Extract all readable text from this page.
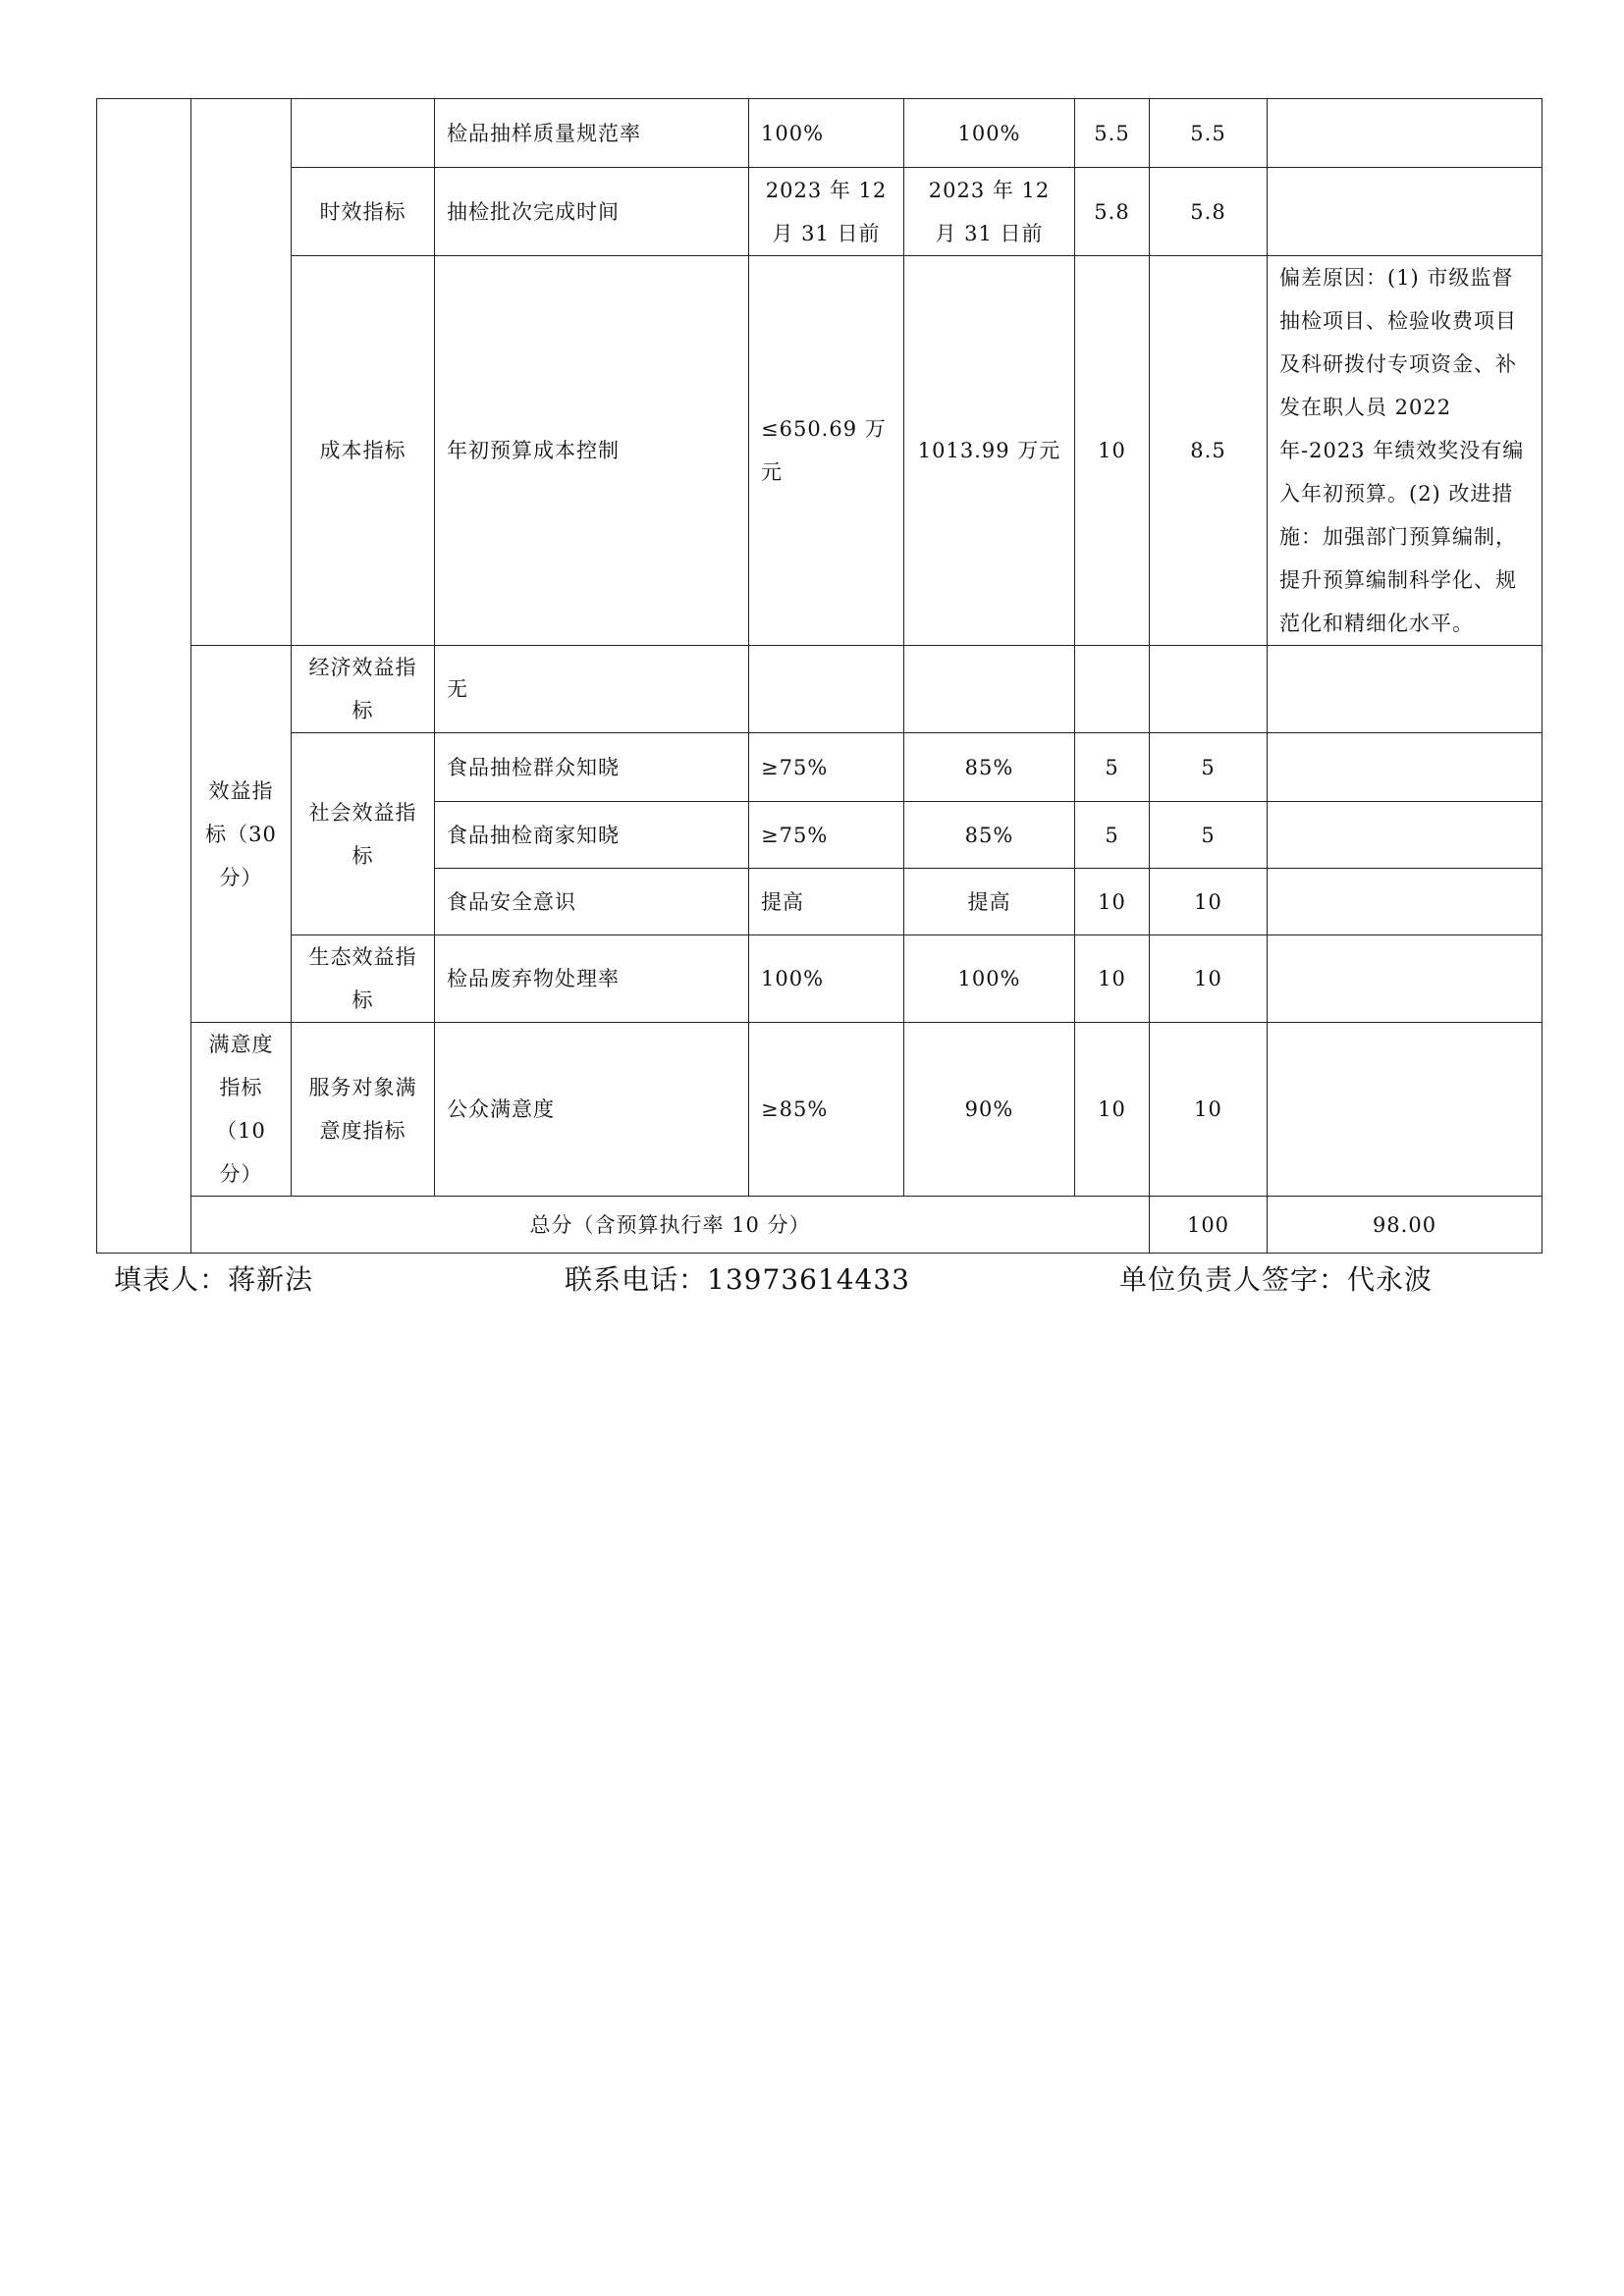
			检品抽样质量规范率	100%	100%	5.5	5.5		
		时效指标	抽检批次完成时间	2023 年 12 月 31 日前	2023 年 12 月 31 日前	5.8	5.8		
		成本指标	年初预算成本控制	≤650.69 万元	1013.99 万元	10	8.5	偏差原因：(1) 市级监督抽检项目、检验收费项目及科研拨付专项资金、补发在职人员 2022 年-2023 年绩效奖没有编入年初预算。(2) 改进措施：加强部门预算编制，提升预算编制科学化、规范化和精细化水平。	
	效益指标（30 分）	经济效益指标	无						
		社会效益指标	食品抽检群众知晓	≥75%	85%	5	5		
			食品抽检商家知晓	≥75%	85%	5	5		
			食品安全意识	提高	提高	10	10		
		生态效益指标	检品废弃物处理率	100%	100%	10	10		
	满意度指标（10 分）	服务对象满意度指标	公众满意度	≥85%	90%	10	10		
	总分（含预算执行率 10 分）						100	98.00	
填表人：蒋新法	联系电话：13973614433	单位负责人签字：代永波
